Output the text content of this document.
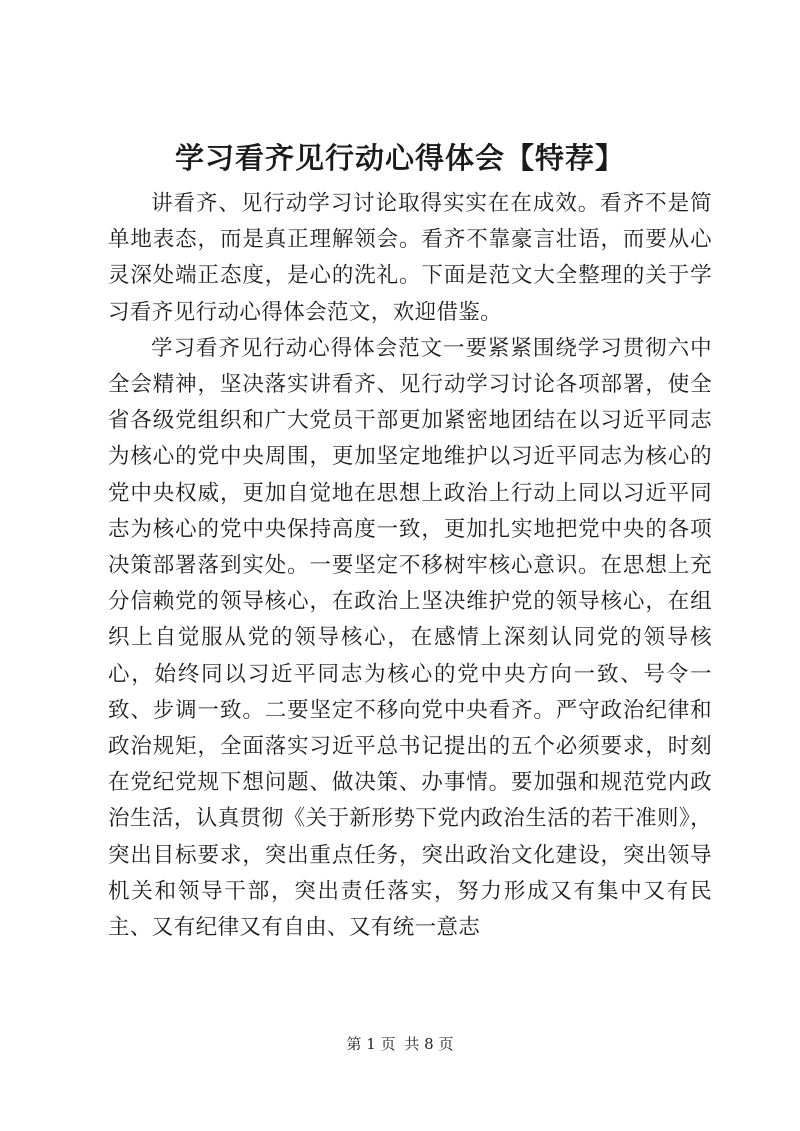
学习看齐见行动心得体会【特荐】

讲看齐、见行动学习讨论取得实实在在成效。看齐不是简单地表态，而是真正理解领会。看齐不靠豪言壮语，而要从心灵深处端正态度，是心的洗礼。下面是范文大全整理的关于学习看齐见行动心得体会范文，欢迎借鉴。

学习看齐见行动心得体会范文一要紧紧围绕学习贯彻六中全会精神，坚决落实讲看齐、见行动学习讨论各项部署，使全省各级党组织和广大党员干部更加紧密地团结在以习近平同志为核心的党中央周围，更加坚定地维护以习近平同志为核心的党中央权威，更加自觉地在思想上政治上行动上同以习近平同志为核心的党中央保持高度一致，更加扎实地把党中央的各项决策部署落到实处。一要坚定不移树牢核心意识。在思想上充分信赖党的领导核心，在政治上坚决维护党的领导核心，在组织上自觉服从党的领导核心，在感情上深刻认同党的领导核心，始终同以习近平同志为核心的党中央方向一致、号令一致、步调一致。二要坚定不移向党中央看齐。严守政治纪律和政治规矩，全面落实习近平总书记提出的五个必须要求，时刻在党纪党规下想问题、做决策、办事情。要加强和规范党内政治生活，认真贯彻《关于新形势下党内政治生活的若干准则》，突出目标要求，突出重点任务，突出政治文化建设，突出领导机关和领导干部，突出责任落实，努力形成又有集中又有民主、又有纪律又有自由、又有统一意志

第 1 页 共 8 页
